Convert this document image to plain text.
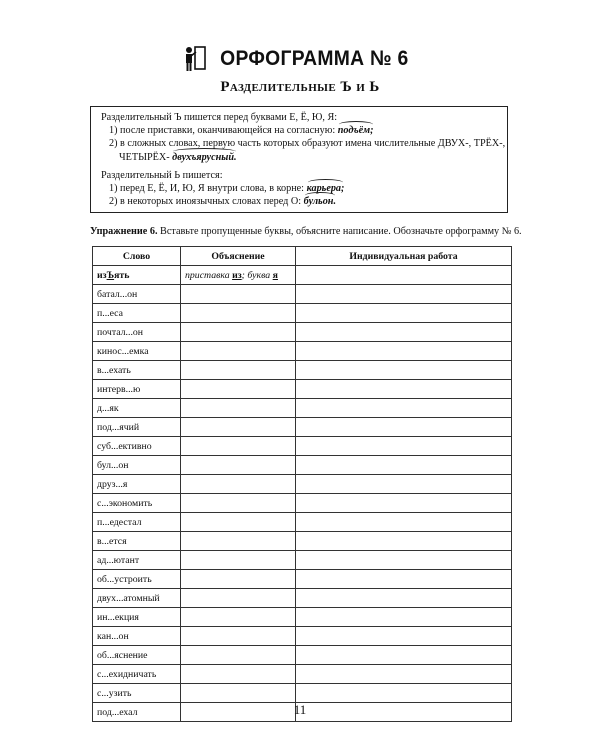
ОРФОГРАММА № 6
Разделительные Ъ и Ь

Разделительный Ъ пишется перед буквами Е, Ё, Ю, Я:

1) после приставки, оканчивающейся на согласную: подъём;

2) в сложных словах, первую часть которых образуют имена числительные ДВУХ-, ТРЁХ-,

ЧЕТЫРЁХ- двухъярусный.

Разделительный Ь пишется:

1) перед Е, Ё, И, Ю, Я внутри слова, в корне: карьера;

2) в некоторых иноязычных словах перед О: бульон.

Упражнение 6. Вставьте пропущенные буквы, объясните написание. Обозначьте орфограмму № 6.
Слово	Объяснение	Индивидуальная работа
изЪять	приставка из; буква я	
батал...он		
п...еса		
почтал...он		
кинос...емка		
в...ехать		
интерв...ю		
д...як		
под...ячий		
суб...ективно		
бул...он		
друз...я		
с...экономить		
п...едестал		
в...ется		
ад...ютант		
об...устроить		
двух...атомный		
ин...екция		
кан...он		
об...яснение		
с...ехидничать		
с...узить		
под...ехал			11
